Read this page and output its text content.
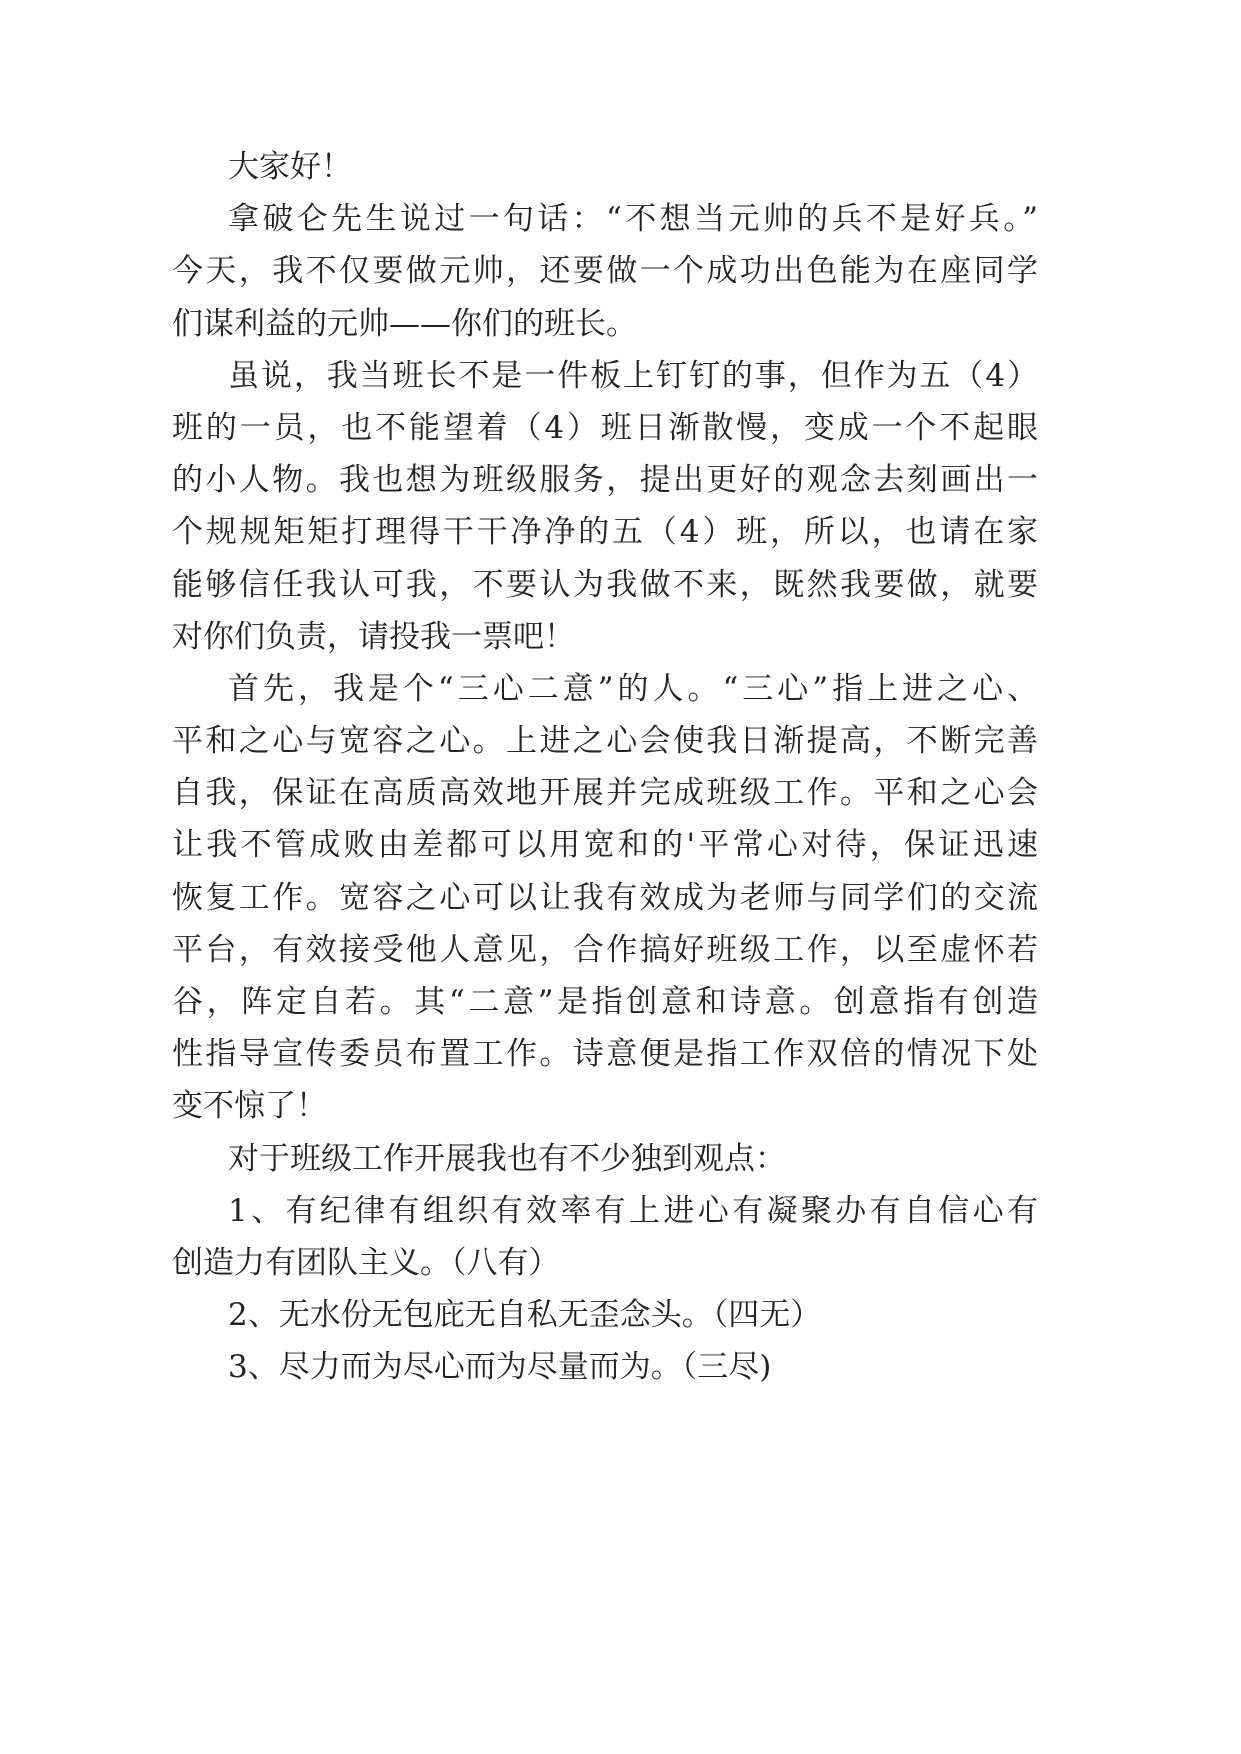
大家好！
拿破仑先生说过一句话：“不想当元帅的兵不是好兵。”
今天，我不仅要做元帅，还要做一个成功出色能为在座同学
们谋利益的元帅——你们的班长。
虽说，我当班长不是一件板上钉钉的事，但作为五（4）
班的一员，也不能望着（4）班日渐散慢，变成一个不起眼
的小人物。我也想为班级服务，提出更好的观念去刻画出一
个规规矩矩打理得干干净净的五（4）班，所以，也请在家
能够信任我认可我，不要认为我做不来，既然我要做，就要
对你们负责，请投我一票吧！
首先，我是个“三心二意”的人。“三心”指上进之心、
平和之心与宽容之心。上进之心会使我日渐提高，不断完善
自我，保证在高质高效地开展并完成班级工作。平和之心会
让我不管成败由差都可以用宽和的'平常心对待，保证迅速
恢复工作。宽容之心可以让我有效成为老师与同学们的交流
平台，有效接受他人意见，合作搞好班级工作，以至虚怀若
谷，阵定自若。其“二意”是指创意和诗意。创意指有创造
性指导宣传委员布置工作。诗意便是指工作双倍的情况下处
变不惊了！
对于班级工作开展我也有不少独到观点：
1、有纪律有组织有效率有上进心有凝聚办有自信心有
创造力有团队主义。（八有）
2、无水份无包庇无自私无歪念头。（四无）
3、尽力而为尽心而为尽量而为。（三尽)
